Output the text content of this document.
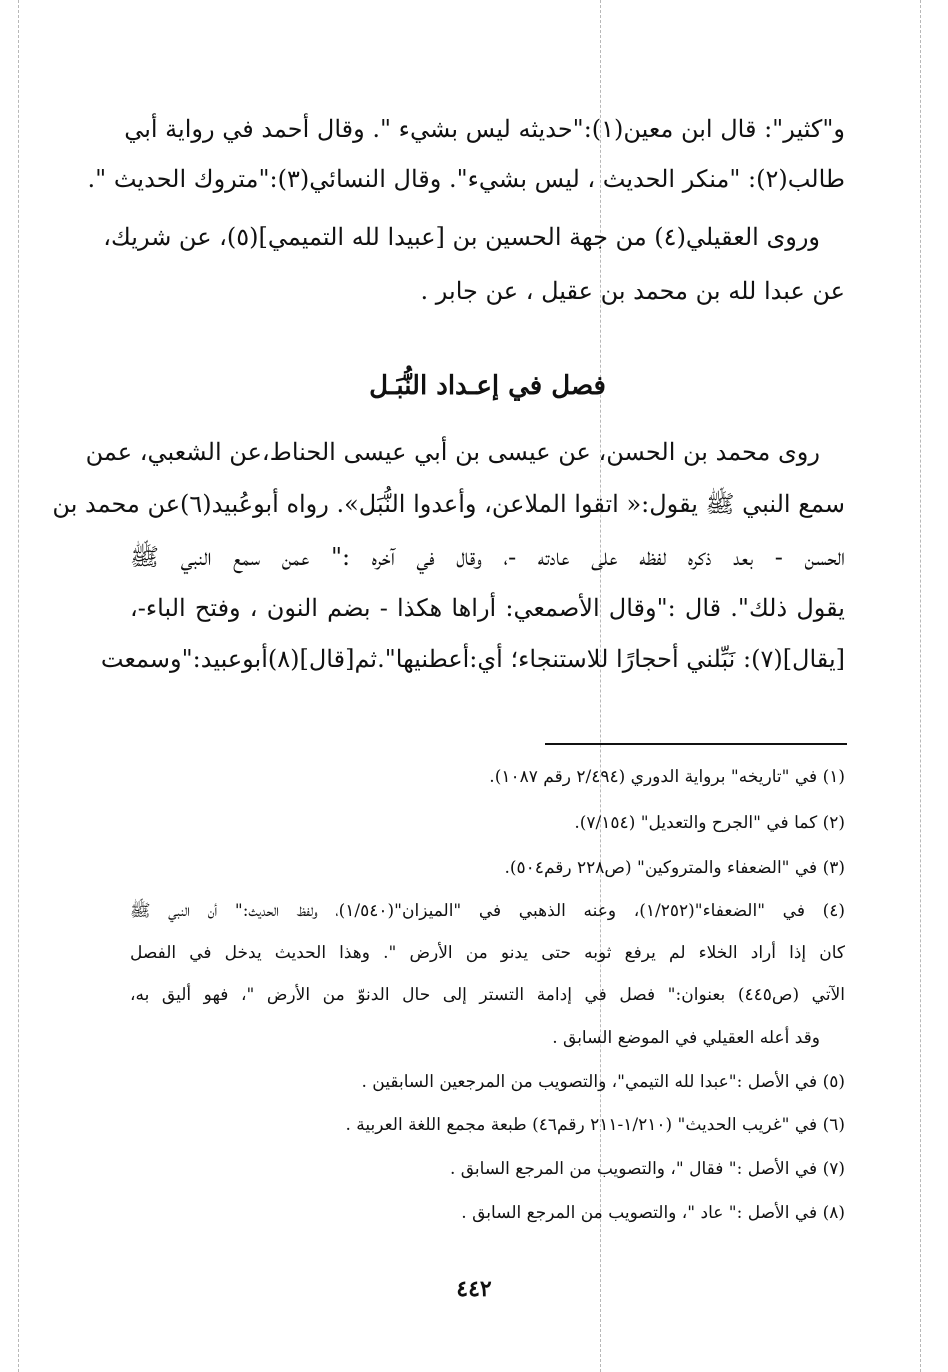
و"كثير": قال ابن معين(١):"حديثه ليس بشيء ". وقال أحمد في رواية أبي
طالب(٢): "منكر الحديث ، ليس بشيء". وقال النسائي(٣):"متروك الحديث ".
وروى العقيلي(٤) من جهة الحسين بن [عبيدا لله التميمي](٥)، عن شريك،
عن عبدا لله بن محمد بن عقيل ، عن جابر .
فصل في إعـداد النُّبَـل
روى محمد بن الحسن، عن عيسى بن أبي عيسى الحناط،عن الشعبي، عمن
سمع النبي ﷺ يقول:« اتقوا الملاعن، وأعدوا النُّبَل». رواه أبوعُبيد(٦)عن محمد بن
الحسن - بعد ذكره لفظه على عادته -، وقال في آخره :" عمن سمع النبي ﷺ
يقول ذلك". قال :"وقال الأصمعي: أراها هكذا - بضم النون ، وفتح الباء-،
[يقال](٧): نَبِّلني أحجارًا للاستنجاء؛ أي:أعطنيها".ثم[قال](٨)أبوعبيد:"وسمعت
(١) في "تاريخه" برواية الدوري (٢/٤٩٤ رقم ١٠٨٧).
(٢) كما في "الجرح والتعديل" (٧/١٥٤).
(٣) في "الضعفاء والمتروكين" (ص٢٢٨ رقم٥٠٤).
(٤) في "الضعفاء"(١/٢٥٢)، وعنه الذهبي في "الميزان"(١/٥٤٠)، ولفظ الحديث:" أن النبي ﷺ
كان إذا أراد الخلاء لم يرفع ثوبه حتى يدنو من الأرض ". وهذا الحديث يدخل في الفصل
الآتي (ص٤٤٥) بعنوان:" فصل في إدامة التستر إلى حال الدنوّ من الأرض "، فهو أليق به،
وقد أعله العقيلي في الموضع السابق .
(٥) في الأصل :"عبدا لله التيمي"، والتصويب من المرجعين السابقين .
(٦) في "غريب الحديث" (١/٢١٠-٢١١ رقم٤٦) طبعة مجمع اللغة العربية .
(٧) في الأصل :" فقال "، والتصويب من المرجع السابق .
(٨) في الأصل :" عاد "، والتصويب من المرجع السابق .
٤٤٢
